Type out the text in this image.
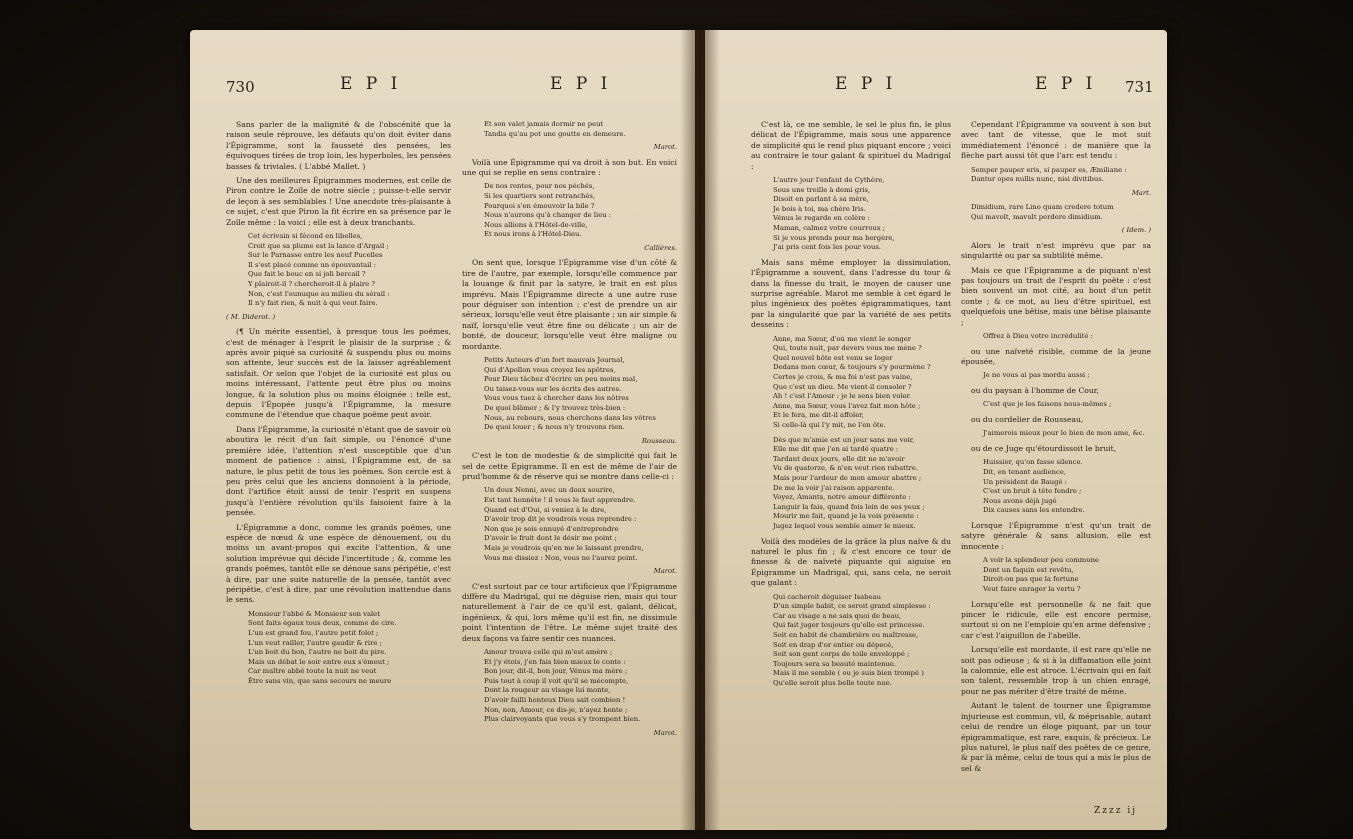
730	E P I	E P I

Sans parler de la malignité & de l'obscénité que la raison seule réprouve, les défauts qu'on doit éviter dans l'Épigramme, sont la fausseté des pensées, les équivoques tirées de trop loin, les hyperboles, les pensées basses & triviales. ( L'abbé Mallet. )

Une des meilleures Épigrammes modernes, est celle de Piron contre le Zoïle de notre siècle ; puisse-t-elle servir de leçon à ses semblables ! Une anecdote très-plaisante à ce sujet, c'est que Piron la fit écrire en sa présence par le Zoïle même : la voici ; elle est à deux tranchants.

Cet écrivain si fécond en libelles,
Croit que sa plume est la lance d'Argail ;
Sur le Parnasse entre les neuf Pucelles
Il s'est placé comme un épouvantail :
Que fait le bouc en si joli bercail ?
Y plairoit-il ? chercheroit-il à plaire ?
Non, c'est l'eunuque au milieu du sérail :
Il n'y fait rien, & nuit à qui veut faire.
( M. Diderot. )

(¶ Un mérite essentiel, à presque tous les poëmes, c'est de ménager à l'esprit le plaisir de la surprise ; & après avoir piqué sa curiosité & suspendu plus ou moins son attente, leur succès est de la laisser agréablement satisfait. Or selon que l'objet de la curiosité est plus ou moins intéressant, l'attente peut être plus ou moins longue, & la solution plus ou moins éloignée : telle est, depuis l'Épopée jusqu'à l'Épigramme, la mesure commune de l'étendue que chaque poëme peut avoir.

Dans l'Épigramme, la curiosité n'étant que de savoir où aboutira le récit d'un fait simple, ou l'énoncé d'une première idée, l'attention n'est susceptible que d'un moment de patience : ainsi, l'Épigramme est, de sa nature, le plus petit de tous les poëmes. Son cercle est à peu près celui que les anciens donnoient à la période, dont l'artifice étoit aussi de tenir l'esprit en suspens jusqu'à l'entière révolution qu'ils faisoient faire à la pensée.

L'Épigramme a donc, comme les grands poëmes, une espèce de nœud & une espèce de dénouement, ou du moins un avant-propos qui excite l'attention, & une solution imprévue qui décide l'incertitude ; &, comme les grands poëmes, tantôt elle se dénoue sans péripétie, c'est à dire, par une suite naturelle de la pensée, tantôt avec péripétie, c'est à dire, par une révolution inattendue dans le sens.

Monsieur l'abbé & Monsieur son valet
Sont faits égaux tous deux, comme de cire.
L'un est grand fou, l'autre petit folet ;
L'un veut railler, l'autre gaudir & rire ;
L'un boit du bon, l'autre ne boit du pire.
Mais un débat le soir entre eux s'émeut ;
Car maître abbé toute la nuit ne veut
Être sans vin, que sans secours ne meure
Et son valet jamais dormir ne peut
Tandis qu'au pot une goutte en demeure.
Marot.

Voilà une Épigramme qui va droit à son but. En voici une qui se replie en sens contraire :

De nos rentes, pour nos péchés,
Si les quartiers sont retranchés,
Pourquoi s'en émouvoir la bile ?
Nous n'aurons qu'à changer de lieu :
Nous allions à l'Hôtel-de-ville,
Et nous irons à l'Hôtel-Dieu.
Callières.

On sent que, lorsque l'Épigramme vise d'un côté & tire de l'autre, par exemple, lorsqu'elle commence par la louange & finit par la satyre, le trait en est plus imprévu. Mais l'Épigramme directe a une autre ruse pour déguiser son intention : c'est de prendre un air sérieux, lorsqu'elle veut être plaisante ; un air simple & naïf, lorsqu'elle veut être fine ou délicate ; un air de bonté, de douceur, lorsqu'elle veut être maligne ou mordante.

Petits Auteurs d'un fort mauvais Journal,
Qui d'Apollon vous croyez les apôtres,
Pour Dieu tâchez d'écrire un peu moins mal,
Ou taisez-vous sur les écrits des autres.
Vous vous tuez à chercher dans les nôtres
De quoi blâmer ; & l'y trouvez très-bien :
Nous, au rebours, nous cherchons dans les vôtres
De quoi louer ; & nous n'y trouvons rien.
Rousseau.

C'est le ton de modestie & de simplicité qui fait le sel de cette Épigramme. Il en est de même de l'air de prud'homme & de réserve qui se montre dans celle-ci :

Un doux Nenni, avec un doux sourire,
Est tant honnête ! il vous le faut apprendre.
Quand est d'Oui, si veniez à le dire,
D'avoir trop dit je voudrois vous reprendre :
Non que je sois ennuyé d'entreprendre
D'avoir le fruit dont le désir me point ;
Mais je voudrois qu'en me le laissant prendre,
Vous me dissiez : Non, vous ne l'aurez point.
Marot.

C'est surtout par ce tour artificieux que l'Épigramme diffère du Madrigal, qui ne déguise rien, mais qui tour naturellement à l'air de ce qu'il est, galant, délicat, ingénieux, & qui, lors même qu'il est fin, ne dissimule point l'intention de l'être. Le même sujet traité des deux façons va faire sentir ces nuances.

Amour trouva celle qui m'est amère ;
Et j'y étois, j'en fais bien mieux le conte :
Bon jour, dit-il, bon jour, Vénus ma mère ;
Puis tout à coup il voit qu'il se mécompte,
Dont la rougeur au visage lui monte,
D'avoir failli honteux Dieu sait combien !
Non, non, Amour, ce dis-je, n'ayez honte ;
Plus clairvoyants que vous s'y trompent bien.
Marot.
E P I	E P I 731

C'est là, ce me semble, le sel le plus fin, le plus délicat de l'Épigramme, mais sous une apparence de simplicité qui le rend plus piquant encore ; voici au contraire le tour galant & spirituel du Madrigal :

L'autre jour l'enfant de Cythère,
Sous une treille à demi gris,
Disoit en parlant à sa mère,
Je bois à toi, ma chère Iris.
Vénus le regarde en colère :
Maman, calmez votre courroux ;
Si je vous prends pour ma bergère,
J'ai pris cent fois les pour vous.

Mais sans même employer la dissimulation, l'Épigramme a souvent, dans l'adresse du tour & dans la finesse du trait, le moyen de causer une surprise agréable. Marot me semble à cet égard le plus ingénieux des poëtes épigrammatiques, tant par la singularité que par la variété de ses petits desseins :

Anne, ma Sœur, d'où me vient le songer
Qui, toute nuit, par devers vous me mène ?
Quel nouvel hôte est venu se loger
Dedans mon cœur, & toujours s'y pourmène ?
Certes je crois, & ma foi n'est pas vaine,
Que c'est un dieu. Me vient-il consoler ?
Ah ! c'est l'Amour : je le sens bien voler.
Anne, ma Sœur, vous l'avez fait mon hôte ;
Et le fera, me dit-il affoler,
Si celle-là qui l'y mit, ne l'en ôte.
Dès que m'amie est un jour sans me voir,
Elle me dit que j'en ai tardé quatre :
Tardant deux jours, elle dit ne m'avoir
Vu de quatorze, & n'en veut rien rabattre.
Mais pour l'ardeur de mon amour abattre ;
De me la voir j'ai raison apparente.
Voyez, Amants, notre amour différente :
Languir la fais, quand fois loin de ses yeux ;
Mourir me fait, quand je la vois présente :
Jugez lequel vous semble aimer le mieux.

Voilà des modèles de la grâce la plus naïve & du naturel le plus fin ; & c'est encore ce tour de finesse & de naïveté piquante qui aiguise en Épigramme un Madrigal, qui, sans cela, ne seroit que galant :

Qui cacheroit déguiser Isabeau
D'un simple habit, ce seroit grand simplesse :
Car au visage a ne sais quoi de beau,
Qui fait juger toujours qu'elle est princesse.
Soit en habit de chambrière ou maîtresse,
Soit en drap d'or entier ou dépecé,
Soit son gent corps de toile enveloppé ;
Toujours sera sa beauté maintenue.
Mais il me semble ( ou je suis bien trompé )
Qu'elle seroit plus belle toute nue.

Cependant l'Épigramme va souvent à son but avec tant de vitesse, que le mot suit immédiatement l'énoncé : de manière que la flèche part aussi tôt que l'arc est tendu :

Semper pauper eris, si pauper es, Æmiliane :
Dantur opes nullis nunc, nisi divitibus.
Mart.
Dimidium, rare Lino quam credere totum
Qui mavolt, mavult perdere dimidium.
( Idem. )

Alors le trait n'est imprévu que par sa singularité ou par sa subtilité même.

Mais ce que l'Épigramme a de piquant n'est pas toujours un trait de l'esprit du poëte : c'est bien souvent un mot cité, au bout d'un petit conte ; & ce mot, au lieu d'être spirituel, est quelquefois une bêtise, mais une bêtise plaisante ;

Offrez à Dieu votre incrédulité :

ou une naïveté risible, comme de la jeune épousée,

Je ne vous ai pas mordu aussi ;

ou du paysan à l'homme de Cour,

C'est que je les faisons nous-mêmes ;

ou du cordelier de Rousseau,

J'aimerois mieux pour le bien de mon ame, &c.

ou de ce Juge qu'étourdissoit le bruit,

Huissier, qu'on fasse silence.
Dit, en tenant audience,
Un président de Baugé :
C'est un bruit à tête fendre ;
Nous avons déjà jugé
Dix causes sans les entendre.

Lorsque l'Épigramme n'est qu'un trait de satyre générale & sans allusion, elle est innocente :

A voir la splendeur peu commune
Dont un faquin est revêtu,
Diroit-on pas que la fortune
Veut faire enrager la vertu ?

Lorsqu'elle est personnelle & ne fait que pincer le ridicule, elle est encore permise, surtout si on ne l'emploie qu'en arme défensive ; car c'est l'aiguillon de l'abeille.

Lorsqu'elle est mordante, il est rare qu'elle ne soit pas odieuse ; & si à la diffamation elle joint la calomnie, elle est atroce. L'écrivain qui en fait son talent, ressemble trop à un chien enragé, pour ne pas mériter d'être traité de même.

Autant le talent de tourner une Épigramme injurieuse est commun, vil, & méprisable, autant celui de rendre un éloge piquant, par un tour épigrammatique, est rare, exquis, & précieux. Le plus naturel, le plus naïf des poëtes de ce genre, & par là même, celui de tous qui a mis le plus de sel &

Zzzz ij
